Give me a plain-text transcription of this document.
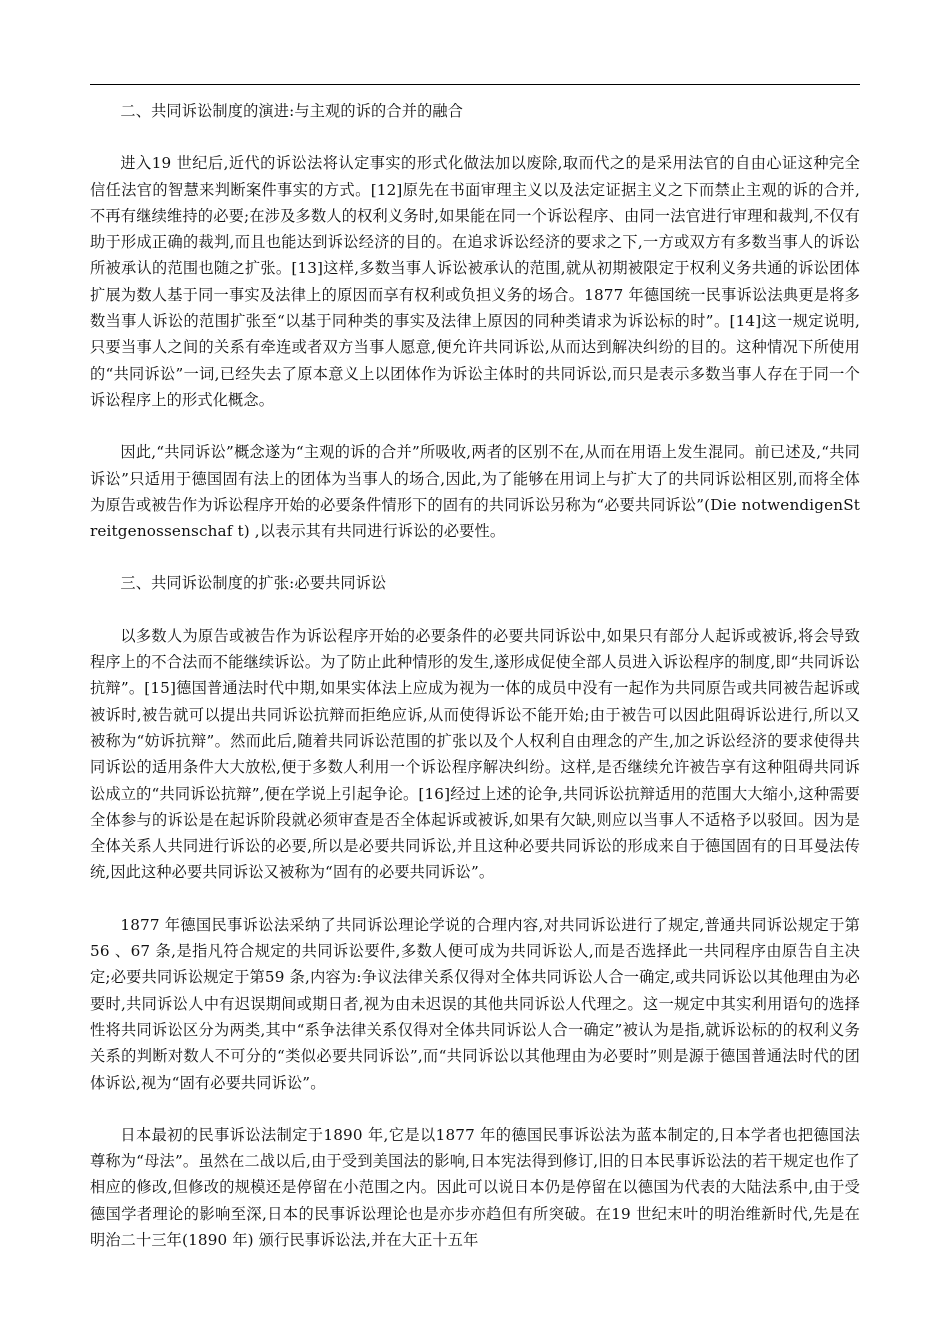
二、共同诉讼制度的演进:与主观的诉的合并的融合

进入19 世纪后,近代的诉讼法将认定事实的形式化做法加以废除,取而代之的是采用法官的自由心证这种完全信任法官的智慧来判断案件事实的方式。[12]原先在书面审理主义以及法定证据主义之下而禁止主观的诉的合并,不再有继续维持的必要;在涉及多数人的权利义务时,如果能在同一个诉讼程序、由同一法官进行审理和裁判,不仅有助于形成正确的裁判,而且也能达到诉讼经济的目的。在追求诉讼经济的要求之下,一方或双方有多数当事人的诉讼所被承认的范围也随之扩张。[13]这样,多数当事人诉讼被承认的范围,就从初期被限定于权利义务共通的诉讼团体扩展为数人基于同一事实及法律上的原因而享有权利或负担义务的场合。1877 年德国统一民事诉讼法典更是将多数当事人诉讼的范围扩张至“以基于同种类的事实及法律上原因的同种类请求为诉讼标的时”。[14]这一规定说明,只要当事人之间的关系有牵连或者双方当事人愿意,便允许共同诉讼,从而达到解决纠纷的目的。这种情况下所使用的“共同诉讼”一词,已经失去了原本意义上以团体作为诉讼主体时的共同诉讼,而只是表示多数当事人存在于同一个诉讼程序上的形式化概念。

因此,“共同诉讼”概念遂为“主观的诉的合并”所吸收,两者的区别不在,从而在用语上发生混同。前已述及,“共同诉讼”只适用于德国固有法上的团体为当事人的场合,因此,为了能够在用词上与扩大了的共同诉讼相区别,而将全体为原告或被告作为诉讼程序开始的必要条件情形下的固有的共同诉讼另称为“必要共同诉讼”(Die notwendigenSt reitgenossenschaf t) ,以表示其有共同进行诉讼的必要性。

三、共同诉讼制度的扩张:必要共同诉讼

以多数人为原告或被告作为诉讼程序开始的必要条件的必要共同诉讼中,如果只有部分人起诉或被诉,将会导致程序上的不合法而不能继续诉讼。为了防止此种情形的发生,遂形成促使全部人员进入诉讼程序的制度,即“共同诉讼抗辩”。[15]德国普通法时代中期,如果实体法上应成为视为一体的成员中没有一起作为共同原告或共同被告起诉或被诉时,被告就可以提出共同诉讼抗辩而拒绝应诉,从而使得诉讼不能开始;由于被告可以因此阻碍诉讼进行,所以又被称为“妨诉抗辩”。然而此后,随着共同诉讼范围的扩张以及个人权利自由理念的产生,加之诉讼经济的要求使得共同诉讼的适用条件大大放松,便于多数人利用一个诉讼程序解决纠纷。这样,是否继续允许被告享有这种阻碍共同诉讼成立的“共同诉讼抗辩”,便在学说上引起争论。[16]经过上述的论争,共同诉讼抗辩适用的范围大大缩小,这种需要全体参与的诉讼是在起诉阶段就必须审查是否全体起诉或被诉,如果有欠缺,则应以当事人不适格予以驳回。因为是全体关系人共同进行诉讼的必要,所以是必要共同诉讼,并且这种必要共同诉讼的形成来自于德国固有的日耳曼法传统,因此这种必要共同诉讼又被称为“固有的必要共同诉讼”。

1877 年德国民事诉讼法采纳了共同诉讼理论学说的合理内容,对共同诉讼进行了规定,普通共同诉讼规定于第56 、67 条,是指凡符合规定的共同诉讼要件,多数人便可成为共同诉讼人,而是否选择此一共同程序由原告自主决定;必要共同诉讼规定于第59 条,内容为:争议法律关系仅得对全体共同诉讼人合一确定,或共同诉讼以其他理由为必要时,共同诉讼人中有迟误期间或期日者,视为由未迟误的其他共同诉讼人代理之。这一规定中其实利用语句的选择性将共同诉讼区分为两类,其中“系争法律关系仅得对全体共同诉讼人合一确定”被认为是指,就诉讼标的的权利义务关系的判断对数人不可分的“类似必要共同诉讼”,而“共同诉讼以其他理由为必要时”则是源于德国普通法时代的团体诉讼,视为“固有必要共同诉讼”。

日本最初的民事诉讼法制定于1890 年,它是以1877 年的德国民事诉讼法为蓝本制定的,日本学者也把德国法尊称为“母法”。虽然在二战以后,由于受到美国法的影响,日本宪法得到修订,旧的日本民事诉讼法的若干规定也作了相应的修改,但修改的规模还是停留在小范围之内。因此可以说日本仍是停留在以德国为代表的大陆法系中,由于受德国学者理论的影响至深,日本的民事诉讼理论也是亦步亦趋但有所突破。在19 世纪末叶的明治维新时代,先是在明治二十三年(1890 年) 颁行民事诉讼法,并在大正十五年
